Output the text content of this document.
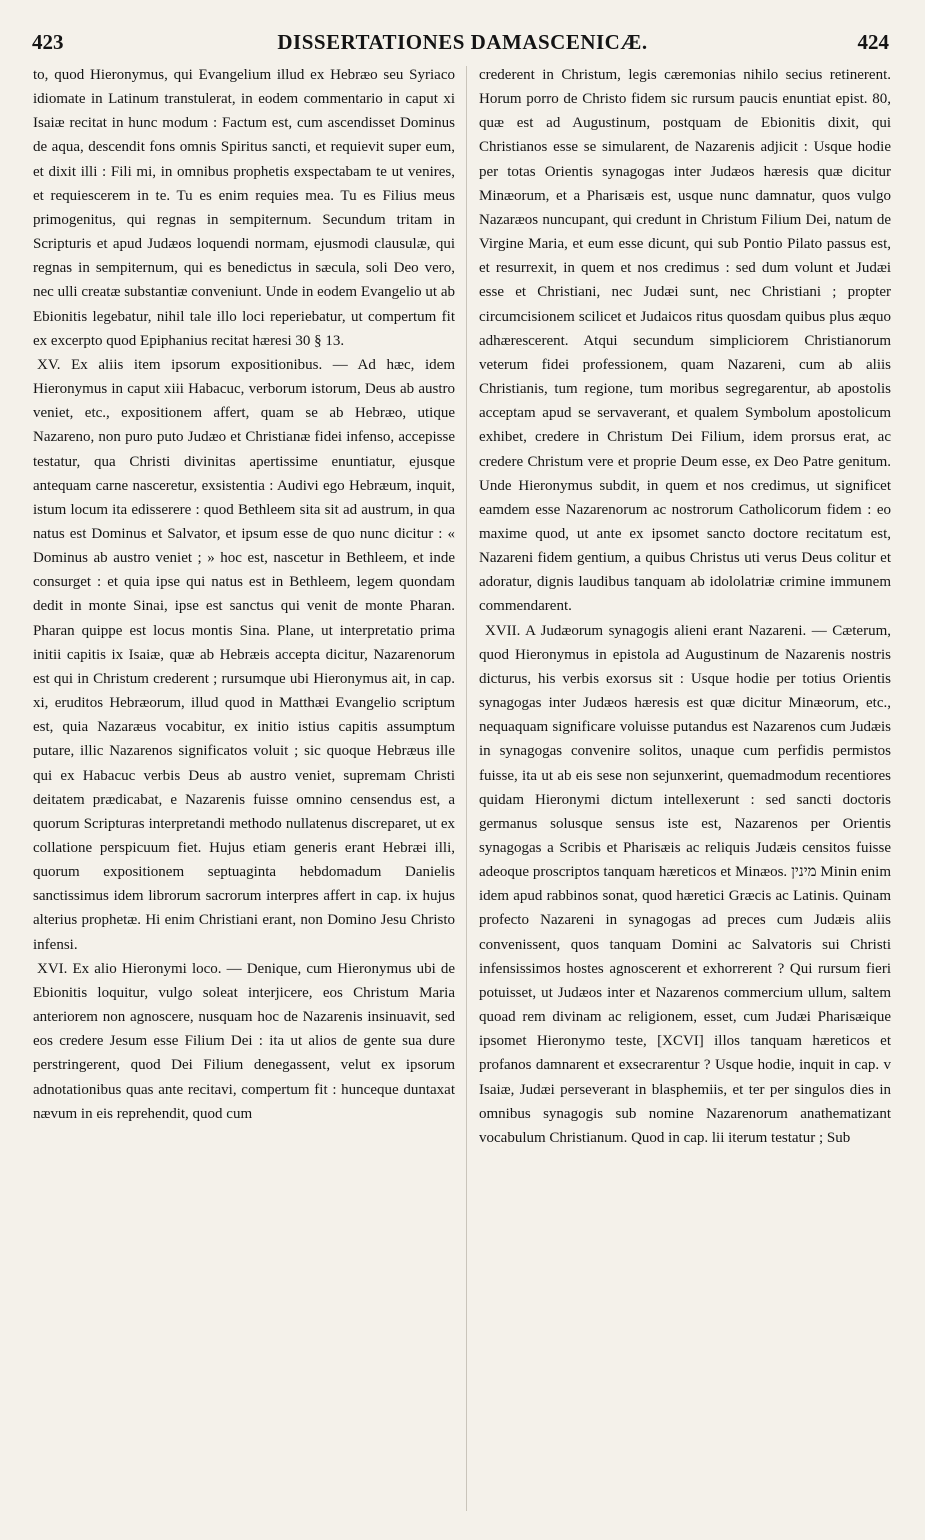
423	DISSERTATIONES DAMASCENICÆ.	424

to, quod Hieronymus, qui Evangelium illud ex Hebræo seu Syriaco idiomate in Latinum transtulerat, in eodem commentario in caput xi Isaiæ recitat in hunc modum : Factum est, cum ascendisset Dominus de aqua, descendit fons omnis Spiritus sancti, et requievit super eum, et dixit illi : Fili mi, in omnibus prophetis exspectabam te ut venires, et requiescerem in te. Tu es enim requies mea. Tu es Filius meus primogenitus, qui regnas in sempiternum. Secundum tritam in Scripturis et apud Judæos loquendi normam, ejusmodi clausulæ, qui regnas in sempiternum, qui es benedictus in sæcula, soli Deo vero, nec ulli creatæ substantiæ conveniunt. Unde in eodem Evangelio ut ab Ebionitis legebatur, nihil tale illo loci reperiebatur, ut compertum fit ex excerpto quod Epiphanius recitat hæresi 30 § 13.

XV. Ex aliis item ipsorum expositionibus. — Ad hæc, idem Hieronymus in caput xiii Habacuc, verborum istorum, Deus ab austro veniet, etc., expositionem affert, quam se ab Hebræo, utique Nazareno, non puro puto Judæo et Christianæ fidei infenso, accepisse testatur, qua Christi divinitas apertissime enuntiatur, ejusque antequam carne nasceretur, exsistentia : Audivi ego Hebræum, inquit, istum locum ita edisserere : quod Bethleem sita sit ad austrum, in qua natus est Dominus et Salvator, et ipsum esse de quo nunc dicitur : « Dominus ab austro veniet ; » hoc est, nascetur in Bethleem, et inde consurget : et quia ipse qui natus est in Bethleem, legem quondam dedit in monte Sinai, ipse est sanctus qui venit de monte Pharan. Pharan quippe est locus montis Sina. Plane, ut interpretatio prima initii capitis ix Isaiæ, quæ ab Hebræis accepta dicitur, Nazarenorum est qui in Christum crederent ; rursumque ubi Hieronymus ait, in cap. xi, eruditos Hebræorum, illud quod in Matthæi Evangelio scriptum est, quia Nazaræus vocabitur, ex initio istius capitis assumptum putare, illic Nazarenos significatos voluit ; sic quoque Hebræus ille qui ex Habacuc verbis Deus ab austro veniet, supremam Christi deitatem prædicabat, e Nazarenis fuisse omnino censendus est, a quorum Scripturas interpretandi methodo nullatenus discreparet, ut ex collatione perspicuum fiet. Hujus etiam generis erant Hebræi illi, quorum expositionem septuaginta hebdomadum Danielis sanctissimus idem librorum sacrorum interpres affert in cap. ix hujus alterius prophetæ. Hi enim Christiani erant, non Domino Jesu Christo infensi.

XVI. Ex alio Hieronymi loco. — Denique, cum Hieronymus ubi de Ebionitis loquitur, vulgo soleat interjicere, eos Christum Maria anteriorem non agnoscere, nusquam hoc de Nazarenis insinuavit, sed eos credere Jesum esse Filium Dei : ita ut alios de gente sua dure perstringerent, quod Dei Filium denegassent, velut ex ipsorum adnotationibus quas ante recitavi, compertum fit : hunceque duntaxat nævum in eis reprehendit, quod cum

crederent in Christum, legis cæremonias nihilo secius retinerent. Horum porro de Christo fidem sic rursum paucis enuntiat epist. 80, quæ est ad Augustinum, postquam de Ebionitis dixit, qui Christianos esse se simularent, de Nazarenis adjicit : Usque hodie per totas Orientis synagogas inter Judæos hæresis quæ dicitur Minæorum, et a Pharisæis est, usque nunc damnatur, quos vulgo Nazaræos nuncupant, qui credunt in Christum Filium Dei, natum de Virgine Maria, et eum esse dicunt, qui sub Pontio Pilato passus est, et resurrexit, in quem et nos credimus : sed dum volunt et Judæi esse et Christiani, nec Judæi sunt, nec Christiani ; propter circumcisionem scilicet et Judaicos ritus quosdam quibus plus æquo adhærescerent. Atqui secundum simpliciorem Christianorum veterum fidei professionem, quam Nazareni, cum ab aliis Christianis, tum regione, tum moribus segregarentur, ab apostolis acceptam apud se servaverant, et qualem Symbolum apostolicum exhibet, credere in Christum Dei Filium, idem prorsus erat, ac credere Christum vere et proprie Deum esse, ex Deo Patre genitum. Unde Hieronymus subdit, in quem et nos credimus, ut significet eamdem esse Nazarenorum ac nostrorum Catholicorum fidem : eo maxime quod, ut ante ex ipsomet sancto doctore recitatum est, Nazareni fidem gentium, a quibus Christus uti verus Deus colitur et adoratur, dignis laudibus tanquam ab idololatriæ crimine immunem commendarent.

XVII. A Judæorum synagogis alieni erant Nazareni. — Cæterum, quod Hieronymus in epistola ad Augustinum de Nazarenis nostris dicturus, his verbis exorsus sit : Usque hodie per totius Orientis synagogas inter Judæos hæresis est quæ dicitur Minæorum, etc., nequaquam significare voluisse putandus est Nazarenos cum Judæis in synagogas convenire solitos, unaque cum perfidis permistos fuisse, ita ut ab eis sese non sejunxerint, quemadmodum recentiores quidam Hieronymi dictum intellexerunt : sed sancti doctoris germanus solusque sensus iste est, Nazarenos per Orientis synagogas a Scribis et Pharisæis ac reliquis Judæis censitos fuisse adeoque proscriptos tanquam hæreticos et Minæos. מינין Minin enim idem apud rabbinos sonat, quod hæretici Græcis ac Latinis. Quinam profecto Nazareni in synagogas ad preces cum Judæis aliis convenissent, quos tanquam Domini ac Salvatoris sui Christi infensissimos hostes agnoscerent et exhorrerent ? Qui rursum fieri potuisset, ut Judæos inter et Nazarenos commercium ullum, saltem quoad rem divinam ac religionem, esset, cum Judæi Pharisæique ipsomet Hieronymo teste, [XCVI] illos tanquam hæreticos et profanos damnarent et exsecrarentur ? Usque hodie, inquit in cap. v Isaiæ, Judæi perseverant in blasphemiis, et ter per singulos dies in omnibus synagogis sub nomine Nazarenorum anathematizant vocabulum Christianum. Quod in cap. lii iterum testatur ; Sub
